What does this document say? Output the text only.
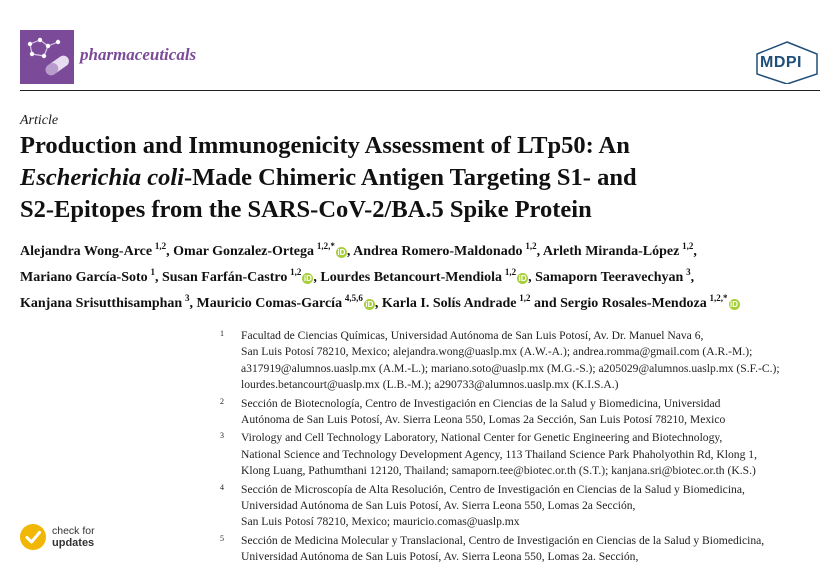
pharmaceuticals	MDPI
Article
Production and Immunogenicity Assessment of LTp50: An
Escherichia coli-Made Chimeric Antigen Targeting S1- and
S2-Epitopes from the SARS-CoV-2/BA.5 Spike Protein
Alejandra Wong-Arce  $^{1,2}$, Omar Gonzalez-Ortega  $^{1,2,*}$iD , Andrea Romero-Maldonado  $^{1,2}$, Arleth Miranda-López  $^{1,2}$,
Mariano García-Soto  $^1$, Susan Farfán-Castro  $^{1,2}$iD , Lourdes Betancourt-Mendiola  $^{1,2}$iD , Samaporn Teeravechyan  $^3$,
Kanjana Srisutthisamphan  $^3$, Mauricio Comas-García  $^{4,5,6}$iD , Karla I. Solís Andrade  $^{1,2}$ and Sergio Rosales-Mendoza  $^{1,2,*}$iD
1 Facultad de Ciencias Químicas, Universidad Autónoma de San Luis Potosí, Av. Dr. Manuel Nava 6,
San Luis Potosí 78210, Mexico; alejandra.wong@uaslp.mx (A.W.-A.); andrea.romma@gmail.com (A.R.-M.);
a317919@alumnos.uaslp.mx (A.M.-L.); mariano.soto@uaslp.mx (M.G.-S.); a205029@alumnos.uaslp.mx (S.F.-C.);
lourdes.betancourt@uaslp.mx (L.B.-M.); a290733@alumnos.uaslp.mx (K.I.S.A.)
2 Sección de Biotecnología, Centro de Investigación en Ciencias de la Salud y Biomedicina, Universidad
Autónoma de San Luis Potosí, Av. Sierra Leona 550, Lomas 2a Sección, San Luis Potosí 78210, Mexico
3 Virology and Cell Technology Laboratory, National Center for Genetic Engineering and Biotechnology,
National Science and Technology Development Agency, 113 Thailand Science Park Phaholyothin Rd, Klong 1,
Klong Luang, Pathumthani 12120, Thailand; samaporn.tee@biotec.or.th (S.T.); kanjana.sri@biotec.or.th (K.S.)
4 Sección de Microscopía de Alta Resolución, Centro de Investigación en Ciencias de la Salud y Biomedicina,
Universidad Autónoma de San Luis Potosí, Av. Sierra Leona 550, Lomas 2a Sección,
San Luis Potosí 78210, Mexico; mauricio.comas@uaslp.mx
5 Sección de Medicina Molecular y Translacional, Centro de Investigación en Ciencias de la Salud y Biomedicina,
Universidad Autónoma de San Luis Potosí, Av. Sierra Leona 550, Lomas 2a. Sección,
check for
updates
